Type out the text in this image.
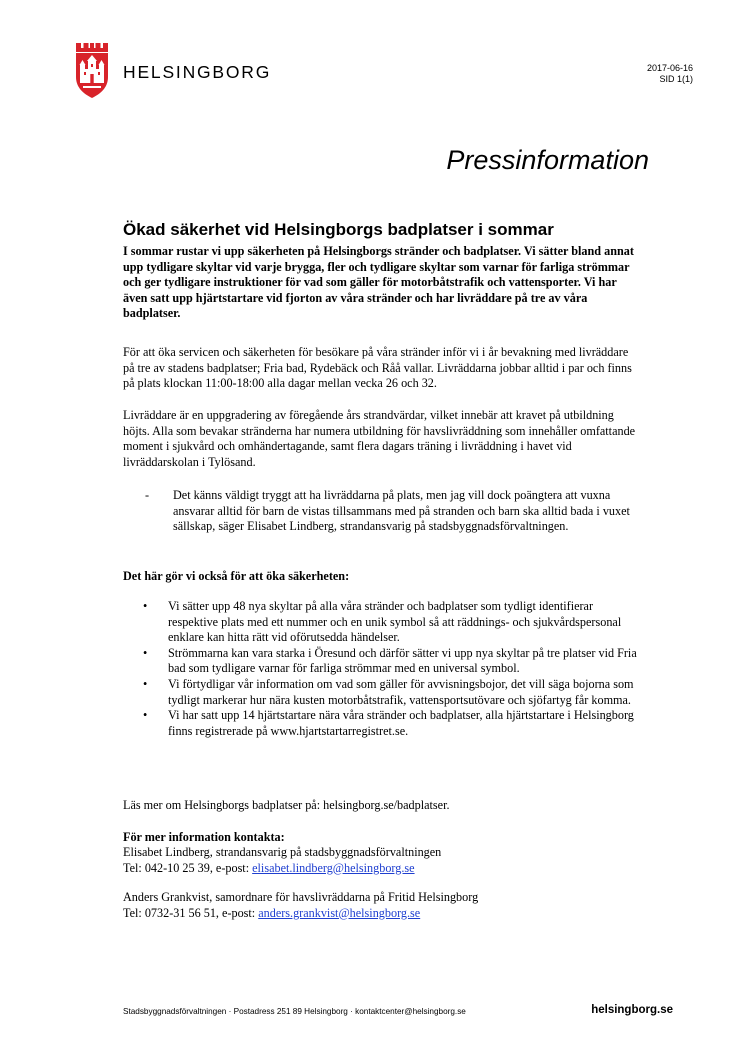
HELSINGBORG	2017-06-16
SID 1(1)
Pressinformation
Ökad säkerhet vid Helsingborgs badplatser i sommar
I sommar rustar vi upp säkerheten på Helsingborgs stränder och badplatser. Vi sätter bland annat upp tydligare skyltar vid varje brygga, fler och tydligare skyltar som varnar för farliga strömmar och ger tydligare instruktioner för vad som gäller för motorbåtstrafik och vattensporter. Vi har även satt upp hjärtstartare vid fjorton av våra stränder och har livräddare på tre av våra badplatser.
För att öka servicen och säkerheten för besökare på våra stränder inför vi i år bevakning med livräddare på tre av stadens badplatser; Fria bad, Rydebäck och Råå vallar. Livräddarna jobbar alltid i par och finns på plats klockan 11:00-18:00 alla dagar mellan vecka 26 och 32.
Livräddare är en uppgradering av föregående års strandvärdar, vilket innebär att kravet på utbildning höjts. Alla som bevakar stränderna har numera utbildning för havslivräddning som innehåller omfattande moment i sjukvård och omhändertagande, samt flera dagars träning i livräddning i havet vid livräddarskolan i Tylösand.
-	Det känns väldigt tryggt att ha livräddarna på plats, men jag vill dock poängtera att vuxna ansvarar alltid för barn de vistas tillsammans med på stranden och barn ska alltid bada i vuxet sällskap, säger Elisabet Lindberg, strandansvarig på stadsbyggnadsförvaltningen.
Det här gör vi också för att öka säkerheten:
•	Vi sätter upp 48 nya skyltar på alla våra stränder och badplatser som tydligt identifierar respektive plats med ett nummer och en unik symbol så att räddnings- och sjukvårdspersonal enklare kan hitta rätt vid oförutsedda händelser.
•	Strömmarna kan vara starka i Öresund och därför sätter vi upp nya skyltar på tre platser vid Fria bad som tydligare varnar för farliga strömmar med en universal symbol.
•	Vi förtydligar vår information om vad som gäller för avvisningsbojor, det vill säga bojorna som tydligt markerar hur nära kusten motorbåtstrafik, vattensportsutövare och sjöfartyg får komma.
•	Vi har satt upp 14 hjärtstartare nära våra stränder och badplatser, alla hjärtstartare i Helsingborg finns registrerade på www.hjartstartarregistret.se.
Läs mer om Helsingborgs badplatser på: helsingborg.se/badplatser.
För mer information kontakta:
Elisabet Lindberg, strandansvarig på stadsbyggnadsförvaltningen
Tel: 042-10 25 39, e-post: elisabet.lindberg@helsingborg.se
Anders Grankvist, samordnare för havslivräddarna på Fritid Helsingborg
Tel: 0732-31 56 51, e-post: anders.grankvist@helsingborg.se
Stadsbyggnadsförvaltningen · Postadress 251 89 Helsingborg · kontaktcenter@helsingborg.se	helsingborg.se
